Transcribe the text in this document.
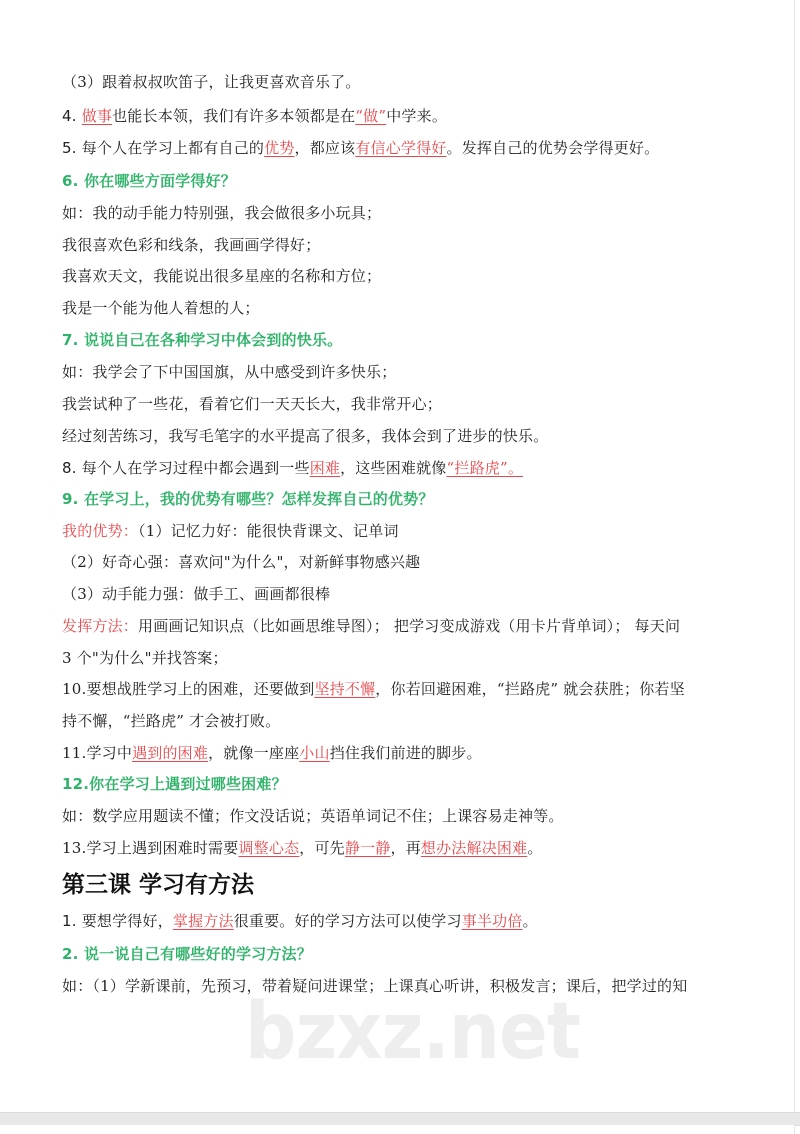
（3）跟着叔叔吹笛子，让我更喜欢音乐了。
4. 做事也能长本领，我们有许多本领都是在“做”中学来。
5. 每个人在学习上都有自己的优势，都应该有信心学得好。发挥自己的优势会学得更好。
6. 你在哪些方面学得好？
如：我的动手能力特别强，我会做很多小玩具；
我很喜欢色彩和线条，我画画学得好；
我喜欢天文，我能说出很多星座的名称和方位；
我是一个能为他人着想的人；
7. 说说自己在各种学习中体会到的快乐。
如：我学会了下中国国旗，从中感受到许多快乐；
我尝试种了一些花，看着它们一天天长大，我非常开心；
经过刻苦练习，我写毛笔字的水平提高了很多，我体会到了进步的快乐。
8. 每个人在学习过程中都会遇到一些困难，这些困难就像“拦路虎”。
9. 在学习上，我的优势有哪些？怎样发挥自己的优势？
我的优势：（1）记忆力好：能很快背课文、记单词
（2）好奇心强：喜欢问"为什么"，对新鲜事物感兴趣
（3）动手能力强：做手工、画画都很棒
发挥方法：用画画记知识点（比如画思维导图）； 把学习变成游戏（用卡片背单词）； 每天问
3 个"为什么"并找答案；
10.要想战胜学习上的困难，还要做到坚持不懈，你若回避困难，“拦路虎” 就会获胜；你若坚
持不懈，“拦路虎” 才会被打败。
11.学习中遇到的困难，就像一座座小山挡住我们前进的脚步。
12.你在学习上遇到过哪些困难？
如：数学应用题读不懂；作文没话说；英语单词记不住；上课容易走神等。
13.学习上遇到困难时需要调整心态，可先静一静，再想办法解决困难。
第三课 学习有方法
1. 要想学得好，掌握方法很重要。好的学习方法可以使学习事半功倍。
2. 说一说自己有哪些好的学习方法？
如：（1）学新课前，先预习，带着疑问进课堂；上课真心听讲，积极发言；课后，把学过的知
bzxz.net
